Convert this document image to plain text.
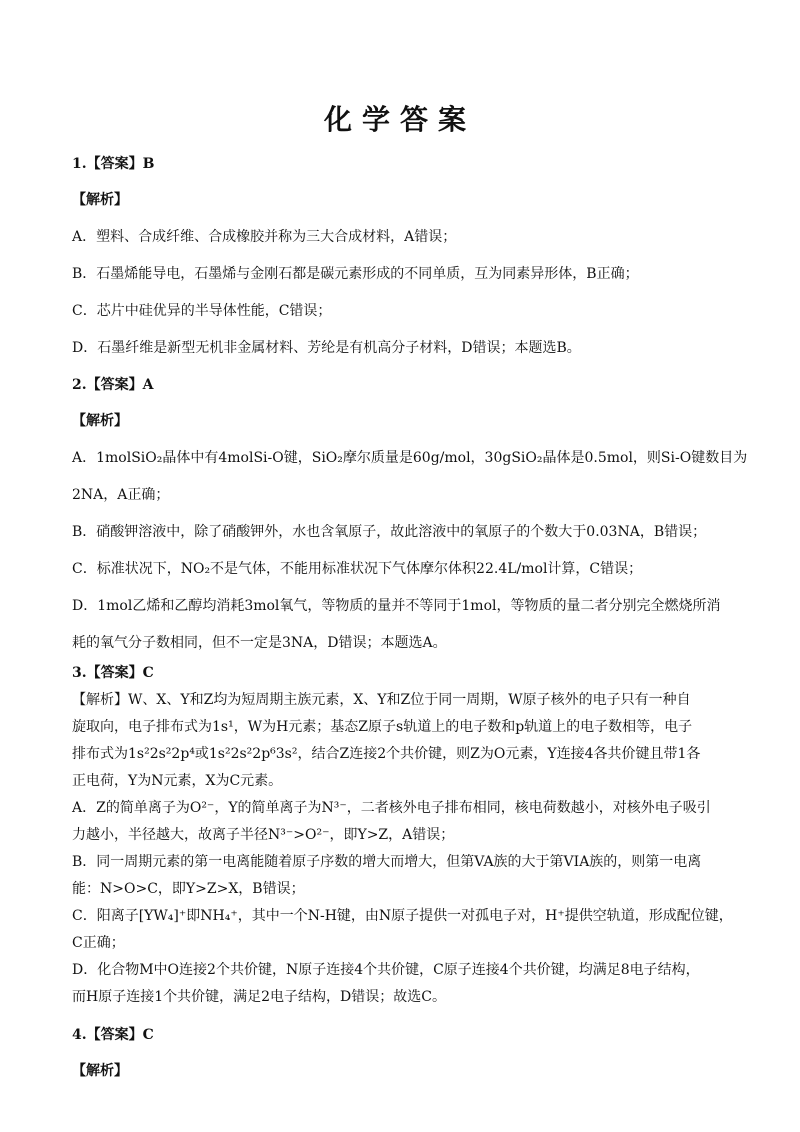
化学答案
1.【答案】B
【解析】
A．塑料、合成纤维、合成橡胶并称为三大合成材料，A错误；
B．石墨烯能导电，石墨烯与金刚石都是碳元素形成的不同单质，互为同素异形体，B正确；
C．芯片中硅优异的半导体性能，C错误；
D．石墨纤维是新型无机非金属材料、芳纶是有机高分子材料，D错误；本题选B。
2.【答案】A
【解析】
A．1molSiO₂晶体中有4molSi-O键，SiO₂摩尔质量是60g/mol，30gSiO₂晶体是0.5mol，则Si-O键数目为
2NA，A正确；
B．硝酸钾溶液中，除了硝酸钾外，水也含氧原子，故此溶液中的氧原子的个数大于0.03NA，B错误；
C．标准状况下，NO₂不是气体，不能用标准状况下气体摩尔体积22.4L/mol计算，C错误；
D．1mol乙烯和乙醇均消耗3mol氧气，等物质的量并不等同于1mol，等物质的量二者分别完全燃烧所消
耗的氧气分子数相同，但不一定是3NA，D错误；本题选A。
3.【答案】C
【解析】W、X、Y和Z均为短周期主族元素，X、Y和Z位于同一周期，W原子核外的电子只有一种自
旋取向，电子排布式为1s¹，W为H元素；基态Z原子s轨道上的电子数和p轨道上的电子数相等，电子
排布式为1s²2s²2p⁴或1s²2s²2p⁶3s²，结合Z连接2个共价键，则Z为O元素，Y连接4各共价键且带1各
正电荷，Y为N元素，X为C元素。
A．Z的简单离子为O²⁻，Y的简单离子为N³⁻，二者核外电子排布相同，核电荷数越小，对核外电子吸引
力越小，半径越大，故离子半径N³⁻>O²⁻，即Y>Z，A错误；
B．同一周期元素的第一电离能随着原子序数的增大而增大，但第VA族的大于第VIA族的，则第一电离
能：N>O>C，即Y>Z>X，B错误；
C．阳离子[YW₄]⁺即NH₄⁺，其中一个N-H键，由N原子提供一对孤电子对，H⁺提供空轨道，形成配位键，
C正确；
D．化合物M中O连接2个共价键，N原子连接4个共价键，C原子连接4个共价键，均满足8电子结构，
而H原子连接1个共价键，满足2电子结构，D错误；故选C。
4.【答案】C
【解析】
